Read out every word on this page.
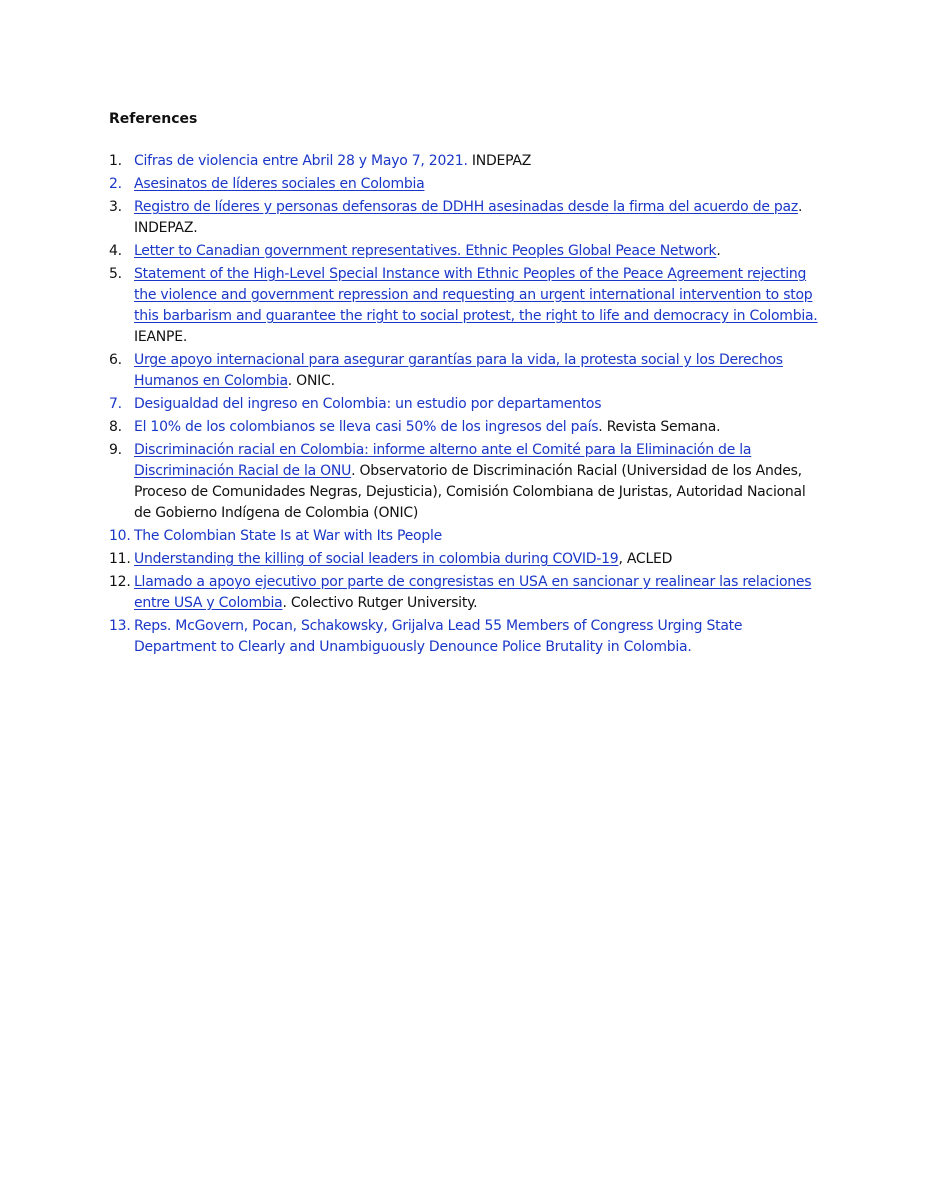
References
1. Cifras de violencia entre Abril 28 y Mayo 7, 2021. INDEPAZ
2. Asesinatos de líderes sociales en Colombia
3. Registro de líderes y personas defensoras de DDHH asesinadas desde la firma del acuerdo de paz. INDEPAZ.
4. Letter to Canadian government representatives. Ethnic Peoples Global Peace Network.
5. Statement of the High-Level Special Instance with Ethnic Peoples of the Peace Agreement rejecting the violence and government repression and requesting an urgent international intervention to stop this barbarism and guarantee the right to social protest, the right to life and democracy in Colombia. IEANPE.
6. Urge apoyo internacional para asegurar garantías para la vida, la protesta social y los Derechos Humanos en Colombia. ONIC.
7. Desigualdad del ingreso en Colombia: un estudio por departamentos
8. El 10% de los colombianos se lleva casi 50% de los ingresos del país. Revista Semana.
9. Discriminación racial en Colombia: informe alterno ante el Comité para la Eliminación de la Discriminación Racial de la ONU. Observatorio de Discriminación Racial (Universidad de los Andes, Proceso de Comunidades Negras, Dejusticia), Comisión Colombiana de Juristas, Autoridad Nacional de Gobierno Indígena de Colombia (ONIC)
10. The Colombian State Is at War with Its People
11. Understanding the killing of social leaders in colombia during COVID-19, ACLED
12. Llamado a apoyo ejecutivo por parte de congresistas en USA en sancionar y realinear las relaciones entre USA y Colombia. Colectivo Rutger University.
13. Reps. McGovern, Pocan, Schakowsky, Grijalva Lead 55 Members of Congress Urging State Department to Clearly and Unambiguously Denounce Police Brutality in Colombia.
